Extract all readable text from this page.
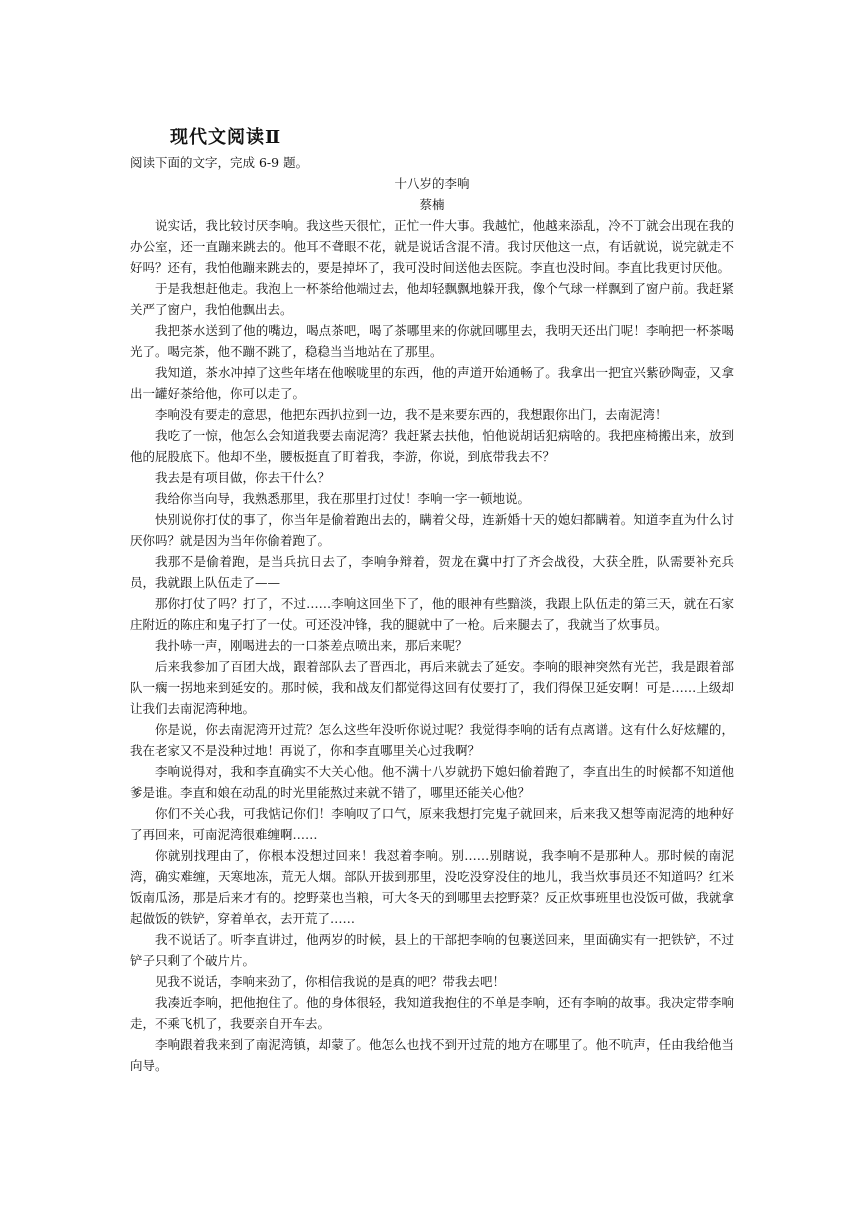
现代文阅读Ⅱ

阅读下面的文字，完成 6-9 题。

十八岁的李响

蔡楠

说实话，我比较讨厌李响。我这些天很忙，正忙一件大事。我越忙，他越来添乱，冷不丁就会出现在我的办公室，还一直蹦来跳去的。他耳不聋眼不花，就是说话含混不清。我讨厌他这一点，有话就说，说完就走不好吗？还有，我怕他蹦来跳去的，要是掉坏了，我可没时间送他去医院。李直也没时间。李直比我更讨厌他。

于是我想赶他走。我泡上一杯茶给他端过去，他却轻飘飘地躲开我，像个气球一样飘到了窗户前。我赶紧关严了窗户，我怕他飘出去。

我把茶水送到了他的嘴边，喝点茶吧，喝了茶哪里来的你就回哪里去，我明天还出门呢！李响把一杯茶喝光了。喝完茶，他不蹦不跳了，稳稳当当地站在了那里。

我知道，茶水冲掉了这些年堵在他喉咙里的东西，他的声道开始通畅了。我拿出一把宜兴紫砂陶壶，又拿出一罐好茶给他，你可以走了。

李响没有要走的意思，他把东西扒拉到一边，我不是来要东西的，我想跟你出门，去南泥湾！

我吃了一惊，他怎么会知道我要去南泥湾？我赶紧去扶他，怕他说胡话犯病啥的。我把座椅搬出来，放到他的屁股底下。他却不坐，腰板挺直了盯着我，李游，你说，到底带我去不？

我去是有项目做，你去干什么？

我给你当向导，我熟悉那里，我在那里打过仗！李响一字一顿地说。

快别说你打仗的事了，你当年是偷着跑出去的，瞒着父母，连新婚十天的媳妇都瞒着。知道李直为什么讨厌你吗？就是因为当年你偷着跑了。

我那不是偷着跑，是当兵抗日去了，李响争辩着，贺龙在冀中打了齐会战役，大获全胜，队需要补充兵员，我就跟上队伍走了——

那你打仗了吗？打了，不过……李响这回坐下了，他的眼神有些黯淡，我跟上队伍走的第三天，就在石家庄附近的陈庄和鬼子打了一仗。可还没冲锋，我的腿就中了一枪。后来腿去了，我就当了炊事员。

我扑哧一声，刚喝进去的一口茶差点喷出来，那后来呢？

后来我参加了百团大战，跟着部队去了晋西北，再后来就去了延安。李响的眼神突然有光芒，我是跟着部队一瘸一拐地来到延安的。那时候，我和战友们都觉得这回有仗要打了，我们得保卫延安啊！可是……上级却让我们去南泥湾种地。

你是说，你去南泥湾开过荒？怎么这些年没听你说过呢？我觉得李响的话有点离谱。这有什么好炫耀的，我在老家又不是没种过地！再说了，你和李直哪里关心过我啊？

李响说得对，我和李直确实不大关心他。他不满十八岁就扔下媳妇偷着跑了，李直出生的时候都不知道他爹是谁。李直和娘在动乱的时光里能熬过来就不错了，哪里还能关心他？

你们不关心我，可我惦记你们！李响叹了口气，原来我想打完鬼子就回来，后来我又想等南泥湾的地种好了再回来，可南泥湾很难缠啊……

你就别找理由了，你根本没想过回来！我怼着李响。别……别瞎说，我李响不是那种人。那时候的南泥湾，确实难缠，天寒地冻，荒无人烟。部队开拔到那里，没吃没穿没住的地儿，我当炊事员还不知道吗？红米饭南瓜汤，那是后来才有的。挖野菜也当粮，可大冬天的到哪里去挖野菜？反正炊事班里也没饭可做，我就拿起做饭的铁铲，穿着单衣，去开荒了……

我不说话了。听李直讲过，他两岁的时候，县上的干部把李响的包裹送回来，里面确实有一把铁铲，不过铲子只剩了个破片片。

见我不说话，李响来劲了，你相信我说的是真的吧？带我去吧！

我凑近李响，把他抱住了。他的身体很轻，我知道我抱住的不单是李响，还有李响的故事。我决定带李响走，不乘飞机了，我要亲自开车去。

李响跟着我来到了南泥湾镇，却蒙了。他怎么也找不到开过荒的地方在哪里了。他不吭声，任由我给他当向导。
